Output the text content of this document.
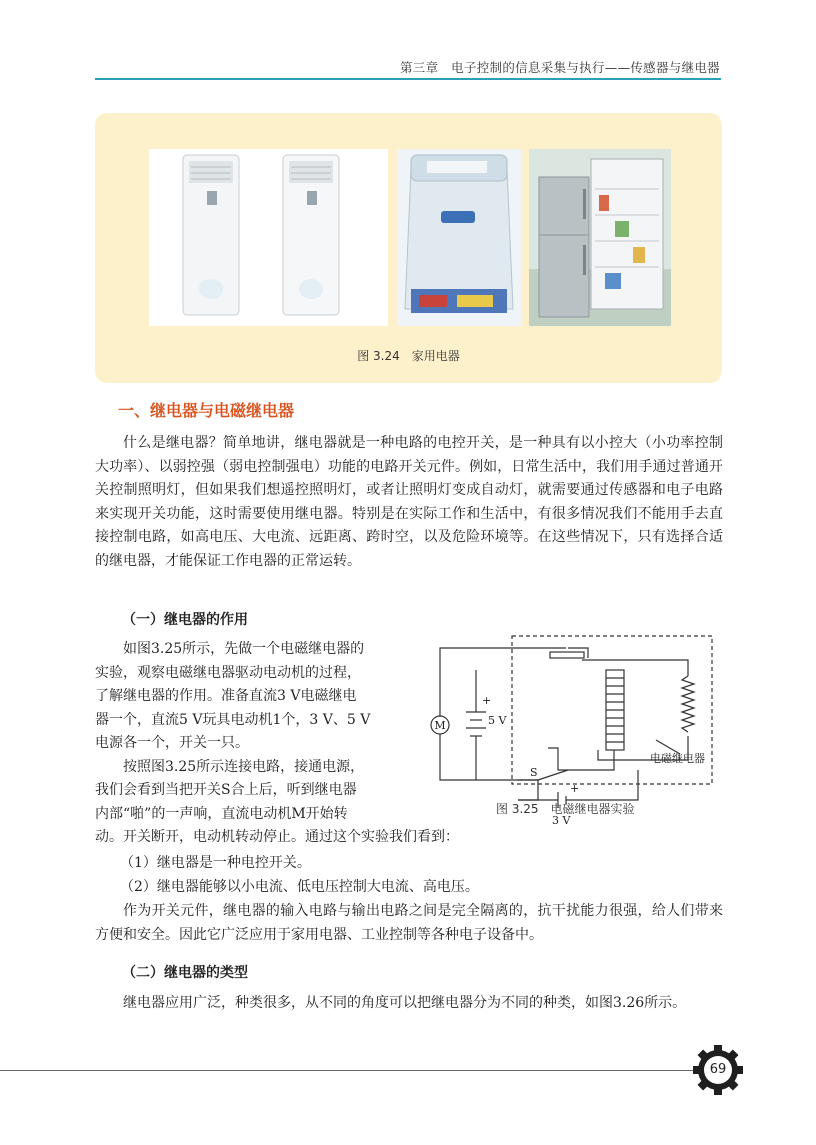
第三章　电子控制的信息采集与执行——传感器与继电器
图 3.24　家用电器
一、继电器与电磁继电器

什么是继电器？简单地讲，继电器就是一种电路的电控开关，是一种具有以小控大（小功率控制大功率）、以弱控强（弱电控制强电）功能的电路开关元件。例如，日常生活中，我们用手通过普通开关控制照明灯，但如果我们想遥控照明灯，或者让照明灯变成自动灯，就需要通过传感器和电子电路来实现开关功能，这时需要使用继电器。特别是在实际工作和生活中，有很多情况我们不能用手去直接控制电路，如高电压、大电流、远距离、跨时空，以及危险环境等。在这些情况下，只有选择合适的继电器，才能保证工作电器的正常运转。

（一）继电器的作用
如图3.25所示，先做一个电磁继电器的
实验，观察电磁继电器驱动电动机的过程，
了解继电器的作用。准备直流3 V电磁继电
器一个，直流5 V玩具电动机1个，3 V、5 V
电源各一个，开关一只。
按照图3.25所示连接电路，接通电源，
我们会看到当把开关S合上后，听到继电器
内部“啪”的一声响，直流电动机M开始转
动。开关断开，电动机转动停止。通过这个实验我们看到：
M
+
5 V
S
+
3 V
电磁继电器
图 3.25　电磁继电器实验
（1）继电器是一种电控开关。
（2）继电器能够以小电流、低电压控制大电流、高电压。

作为开关元件，继电器的输入电路与输出电路之间是完全隔离的，抗干扰能力很强，给人们带来方便和安全。因此它广泛应用于家用电器、工业控制等各种电子设备中。

（二）继电器的类型

继电器应用广泛，种类很多，从不同的角度可以把继电器分为不同的种类，如图3.26所示。

69
